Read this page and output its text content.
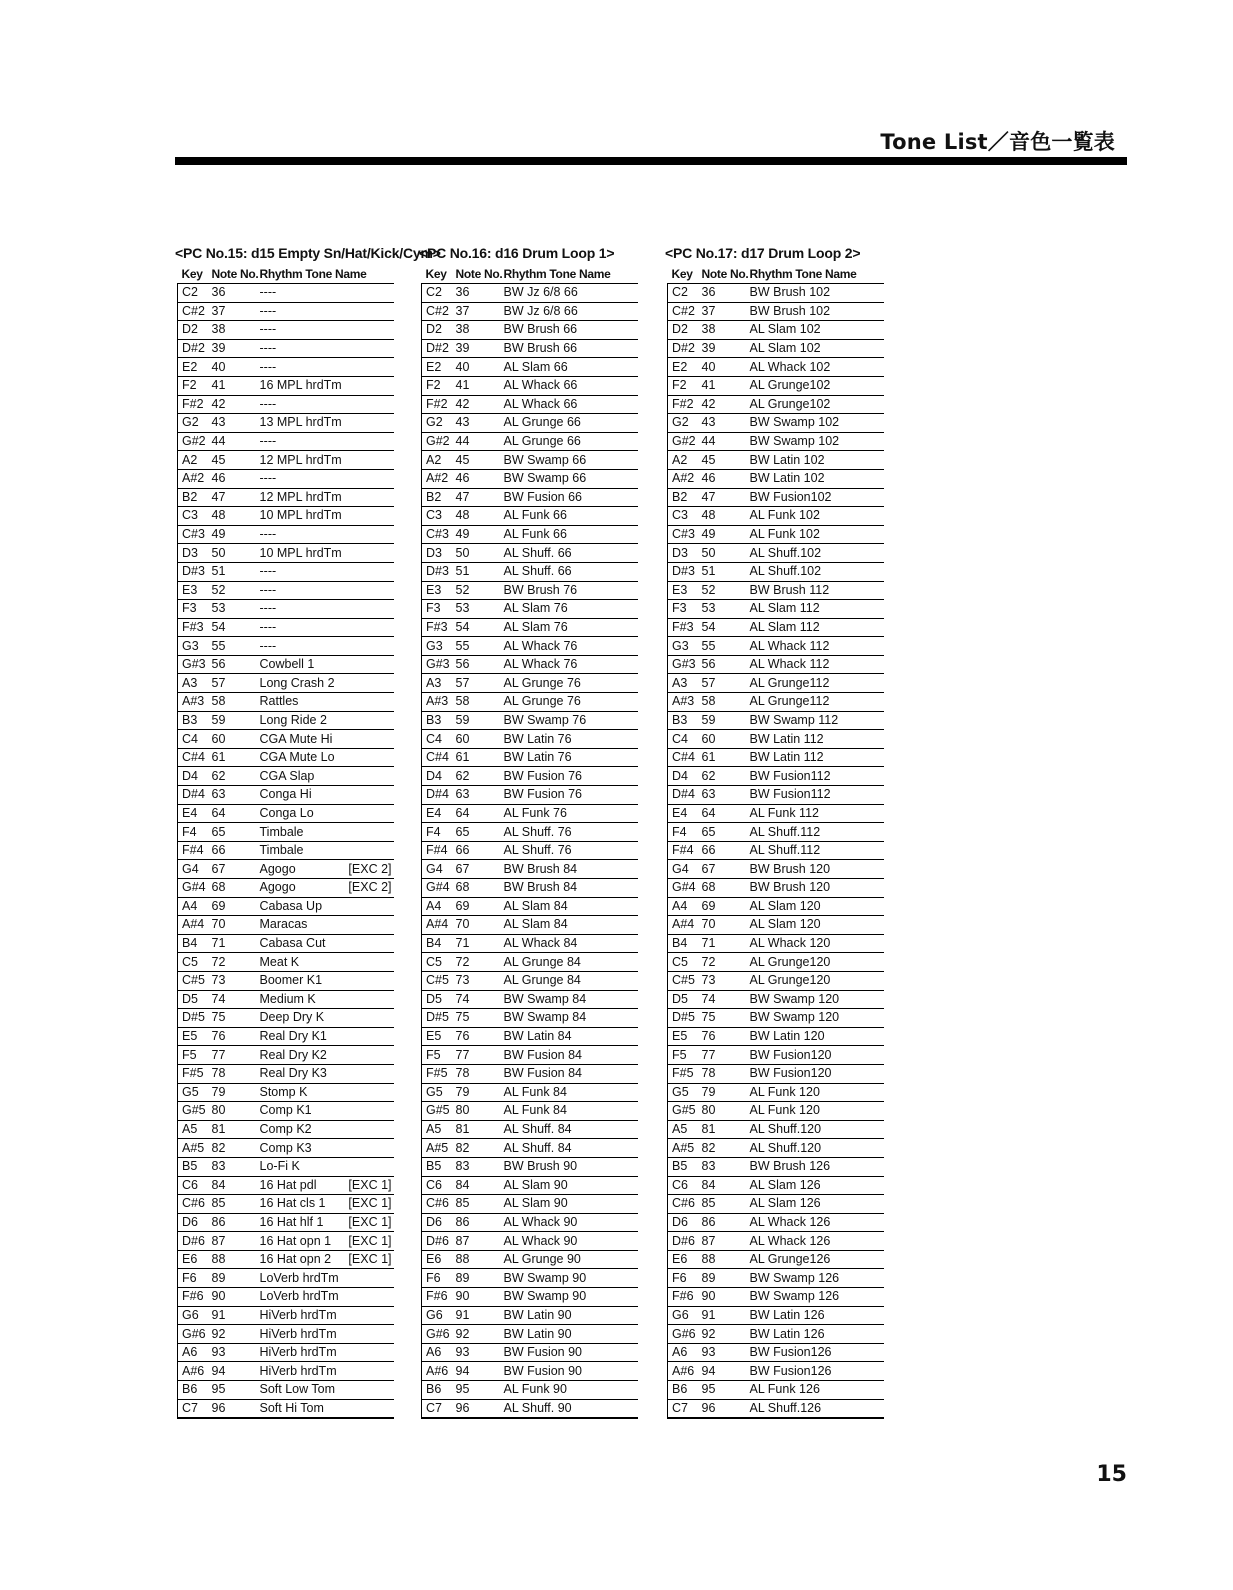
Tone List／音色一覧表
<PC No.15: d15 Empty Sn/Hat/Kick/Cym>
Key	Note No.	Rhythm Tone Name
C2	36	----
C#2	37	----
D2	38	----
D#2	39	----
E2	40	----
F2	41	16 MPL hrdTm
F#2	42	----
G2	43	13 MPL hrdTm
G#2	44	----
A2	45	12 MPL hrdTm
A#2	46	----
B2	47	12 MPL hrdTm
C3	48	10 MPL hrdTm
C#3	49	----
D3	50	10 MPL hrdTm
D#3	51	----
E3	52	----
F3	53	----
F#3	54	----
G3	55	----
G#3	56	Cowbell 1
A3	57	Long Crash 2
A#3	58	Rattles
B3	59	Long Ride 2
C4	60	CGA Mute Hi
C#4	61	CGA Mute Lo
D4	62	CGA Slap
D#4	63	Conga Hi
E4	64	Conga Lo
F4	65	Timbale
F#4	66	Timbale
G4	67	Agogo [EXC 2]

G#4	68	Agogo [EXC 2]

A4	69	Cabasa Up
A#4	70	Maracas
B4	71	Cabasa Cut
C5	72	Meat K
C#5	73	Boomer K1
D5	74	Medium K
D#5	75	Deep Dry K
E5	76	Real Dry K1
F5	77	Real Dry K2
F#5	78	Real Dry K3
G5	79	Stomp K
G#5	80	Comp K1
A5	81	Comp K2
A#5	82	Comp K3
B5	83	Lo-Fi K
C6	84	16 Hat pdl [EXC 1]

C#6	85	16 Hat cls 1 [EXC 1]

D6	86	16 Hat hlf 1 [EXC 1]

D#6	87	16 Hat opn 1 [EXC 1]

E6	88	16 Hat opn 2 [EXC 1]

F6	89	LoVerb hrdTm
F#6	90	LoVerb hrdTm
G6	91	HiVerb hrdTm
G#6	92	HiVerb hrdTm
A6	93	HiVerb hrdTm
A#6	94	HiVerb hrdTm
B6	95	Soft Low Tom
C7	96	Soft Hi Tom
<PC No.16: d16 Drum Loop 1>
Key	Note No.	Rhythm Tone Name
C2	36	BW Jz 6/8 66
C#2	37	BW Jz 6/8 66
D2	38	BW Brush 66
D#2	39	BW Brush 66
E2	40	AL Slam 66
F2	41	AL Whack 66
F#2	42	AL Whack 66
G2	43	AL Grunge 66
G#2	44	AL Grunge 66
A2	45	BW Swamp 66
A#2	46	BW Swamp 66
B2	47	BW Fusion 66
C3	48	AL Funk 66
C#3	49	AL Funk 66
D3	50	AL Shuff. 66
D#3	51	AL Shuff. 66
E3	52	BW Brush 76
F3	53	AL Slam 76
F#3	54	AL Slam 76
G3	55	AL Whack 76
G#3	56	AL Whack 76
A3	57	AL Grunge 76
A#3	58	AL Grunge 76
B3	59	BW Swamp 76
C4	60	BW Latin 76
C#4	61	BW Latin 76
D4	62	BW Fusion 76
D#4	63	BW Fusion 76
E4	64	AL Funk 76
F4	65	AL Shuff. 76
F#4	66	AL Shuff. 76
G4	67	BW Brush 84
G#4	68	BW Brush 84
A4	69	AL Slam 84
A#4	70	AL Slam 84
B4	71	AL Whack 84
C5	72	AL Grunge 84
C#5	73	AL Grunge 84
D5	74	BW Swamp 84
D#5	75	BW Swamp 84
E5	76	BW Latin 84
F5	77	BW Fusion 84
F#5	78	BW Fusion 84
G5	79	AL Funk 84
G#5	80	AL Funk 84
A5	81	AL Shuff. 84
A#5	82	AL Shuff. 84
B5	83	BW Brush 90
C6	84	AL Slam 90
C#6	85	AL Slam 90
D6	86	AL Whack 90
D#6	87	AL Whack 90
E6	88	AL Grunge 90
F6	89	BW Swamp 90
F#6	90	BW Swamp 90
G6	91	BW Latin 90
G#6	92	BW Latin 90
A6	93	BW Fusion 90
A#6	94	BW Fusion 90
B6	95	AL Funk 90
C7	96	AL Shuff. 90
<PC No.17: d17 Drum Loop 2>
Key	Note No.	Rhythm Tone Name
C2	36	BW Brush 102
C#2	37	BW Brush 102
D2	38	AL Slam 102
D#2	39	AL Slam 102
E2	40	AL Whack 102
F2	41	AL Grunge102
F#2	42	AL Grunge102
G2	43	BW Swamp 102
G#2	44	BW Swamp 102
A2	45	BW Latin 102
A#2	46	BW Latin 102
B2	47	BW Fusion102
C3	48	AL Funk 102
C#3	49	AL Funk 102
D3	50	AL Shuff.102
D#3	51	AL Shuff.102
E3	52	BW Brush 112
F3	53	AL Slam 112
F#3	54	AL Slam 112
G3	55	AL Whack 112
G#3	56	AL Whack 112
A3	57	AL Grunge112
A#3	58	AL Grunge112
B3	59	BW Swamp 112
C4	60	BW Latin 112
C#4	61	BW Latin 112
D4	62	BW Fusion112
D#4	63	BW Fusion112
E4	64	AL Funk 112
F4	65	AL Shuff.112
F#4	66	AL Shuff.112
G4	67	BW Brush 120
G#4	68	BW Brush 120
A4	69	AL Slam 120
A#4	70	AL Slam 120
B4	71	AL Whack 120
C5	72	AL Grunge120
C#5	73	AL Grunge120
D5	74	BW Swamp 120
D#5	75	BW Swamp 120
E5	76	BW Latin 120
F5	77	BW Fusion120
F#5	78	BW Fusion120
G5	79	AL Funk 120
G#5	80	AL Funk 120
A5	81	AL Shuff.120
A#5	82	AL Shuff.120
B5	83	BW Brush 126
C6	84	AL Slam 126
C#6	85	AL Slam 126
D6	86	AL Whack 126
D#6	87	AL Whack 126
E6	88	AL Grunge126
F6	89	BW Swamp 126
F#6	90	BW Swamp 126
G6	91	BW Latin 126
G#6	92	BW Latin 126
A6	93	BW Fusion126
A#6	94	BW Fusion126
B6	95	AL Funk 126
C7	96	AL Shuff.126
15
